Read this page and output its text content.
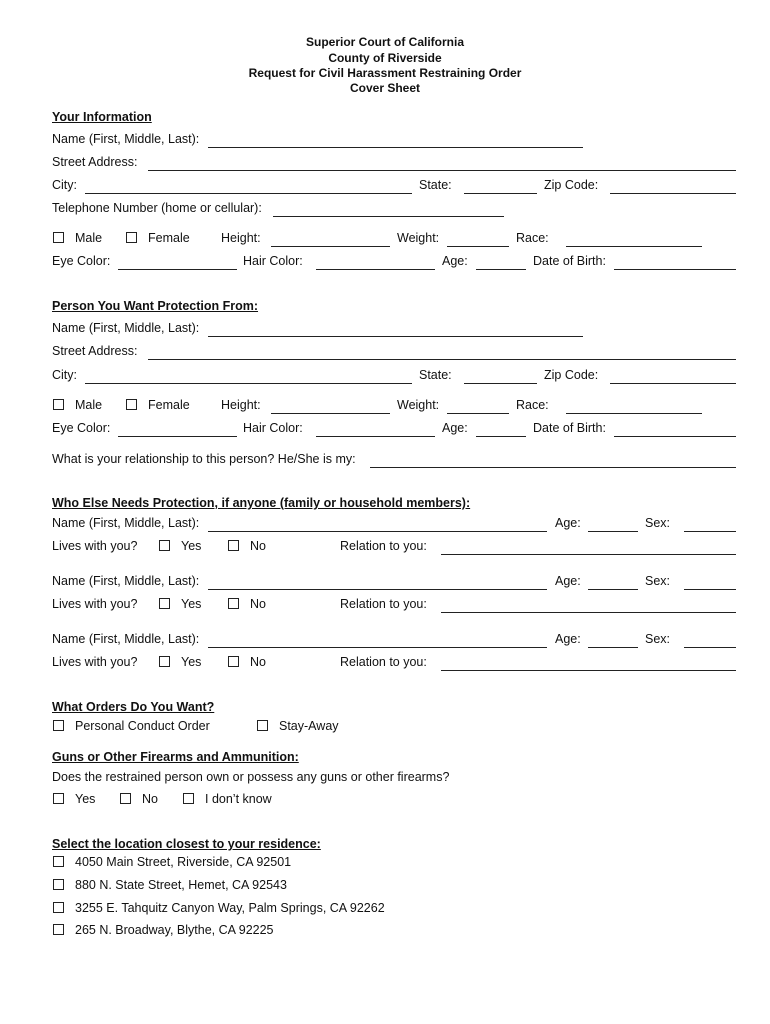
Superior Court of California
County of Riverside
Request for Civil Harassment Restraining Order
Cover Sheet
Your Information
Name (First, Middle, Last):
Street Address:
City:	State:	Zip Code:
Telephone Number (home or cellular):
Male	Female	Height:	Weight:	Race:
Eye Color:	Hair Color:	Age:	Date of Birth:
Person You Want Protection From:
Name (First, Middle, Last):
Street Address:
City:	State:	Zip Code:
Male	Female	Height:	Weight:	Race:
Eye Color:	Hair Color:	Age:	Date of Birth:
What is your relationship to this person? He/She is my:
Who Else Needs Protection, if anyone (family or household members):
Name (First, Middle, Last):	Age:	Sex:
Lives with you?	Yes	No	Relation to you:
Name (First, Middle, Last):	Age:	Sex:
Lives with you?	Yes	No	Relation to you:
Name (First, Middle, Last):	Age:	Sex:
Lives with you?	Yes	No	Relation to you:
What Orders Do You Want?
Personal Conduct Order	Stay-Away
Guns or Other Firearms and Ammunition:
Does the restrained person own or possess any guns or other firearms?
Yes	No	I don’t know
Select the location closest to your residence:
4050 Main Street, Riverside, CA 92501
880 N. State Street, Hemet, CA 92543
3255 E. Tahquitz Canyon Way, Palm Springs, CA 92262
265 N. Broadway, Blythe, CA 92225
